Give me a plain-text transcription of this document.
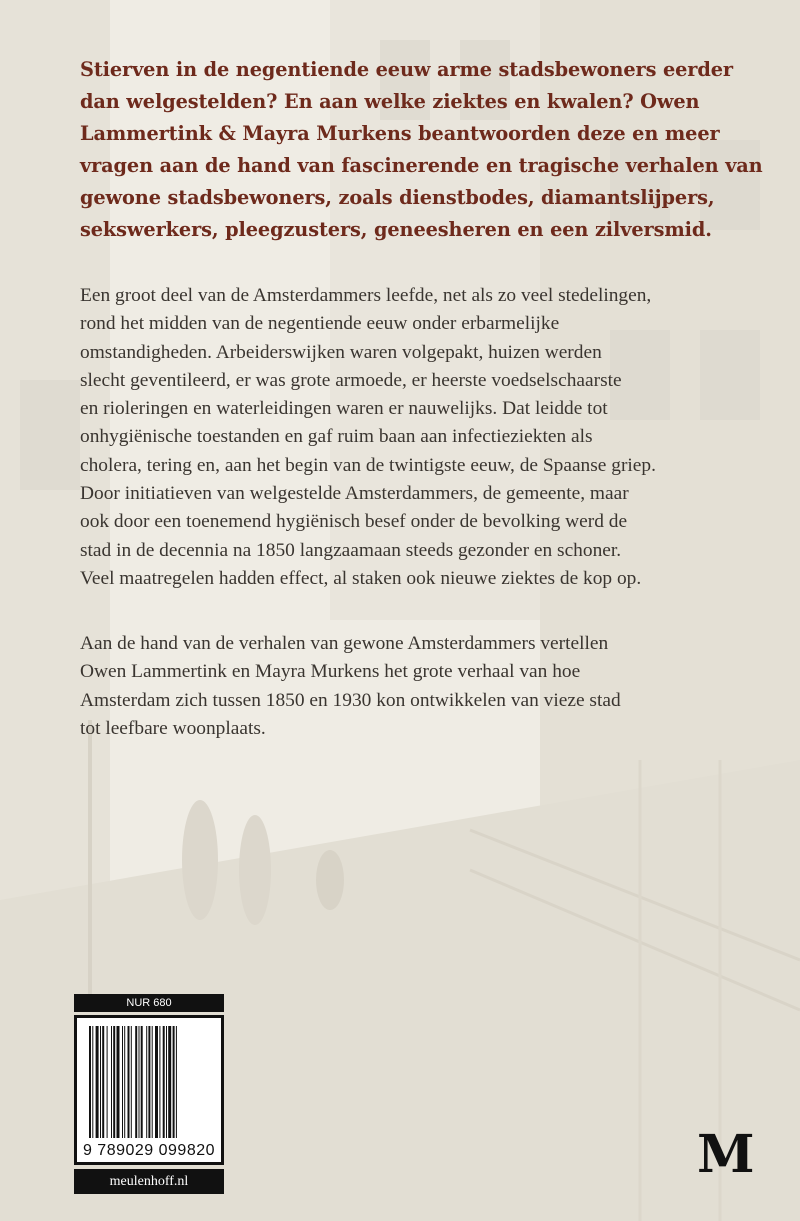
Stierven in de negentiende eeuw arme stadsbewoners eerder
dan welgestelden? En aan welke ziektes en kwalen? Owen
Lammertink & Mayra Murkens beantwoorden deze en meer
vragen aan de hand van fascinerende en tragische verhalen van
gewone stadsbewoners, zoals dienstbodes, diamantslijpers,
sekswerkers, pleegzusters, geneesheren en een zilversmid.
Een groot deel van de Amsterdammers leefde, net als zo veel stedelingen,
rond het midden van de negentiende eeuw onder erbarmelijke
omstandigheden. Arbeiderswijken waren volgepakt, huizen werden
slecht geventileerd, er was grote armoede, er heerste voedselschaarste
en rioleringen en waterleidingen waren er nauwelijks. Dat leidde tot
onhygiënische toestanden en gaf ruim baan aan infectieziekten als
cholera, tering en, aan het begin van de twintigste eeuw, de Spaanse griep.
Door initiatieven van welgestelde Amsterdammers, de gemeente, maar
ook door een toenemend hygiënisch besef onder de bevolking werd de
stad in de decennia na 1850 langzaamaan steeds gezonder en schoner.
Veel maatregelen hadden effect, al staken ook nieuwe ziektes de kop op.
Aan de hand van de verhalen van gewone Amsterdammers vertellen
Owen Lammertink en Mayra Murkens het grote verhaal van hoe
Amsterdam zich tussen 1850 en 1930 kon ontwikkelen van vieze stad
tot leefbare woonplaats.
NUR 680
9 789029 099820
meulenhoff.nl	M
